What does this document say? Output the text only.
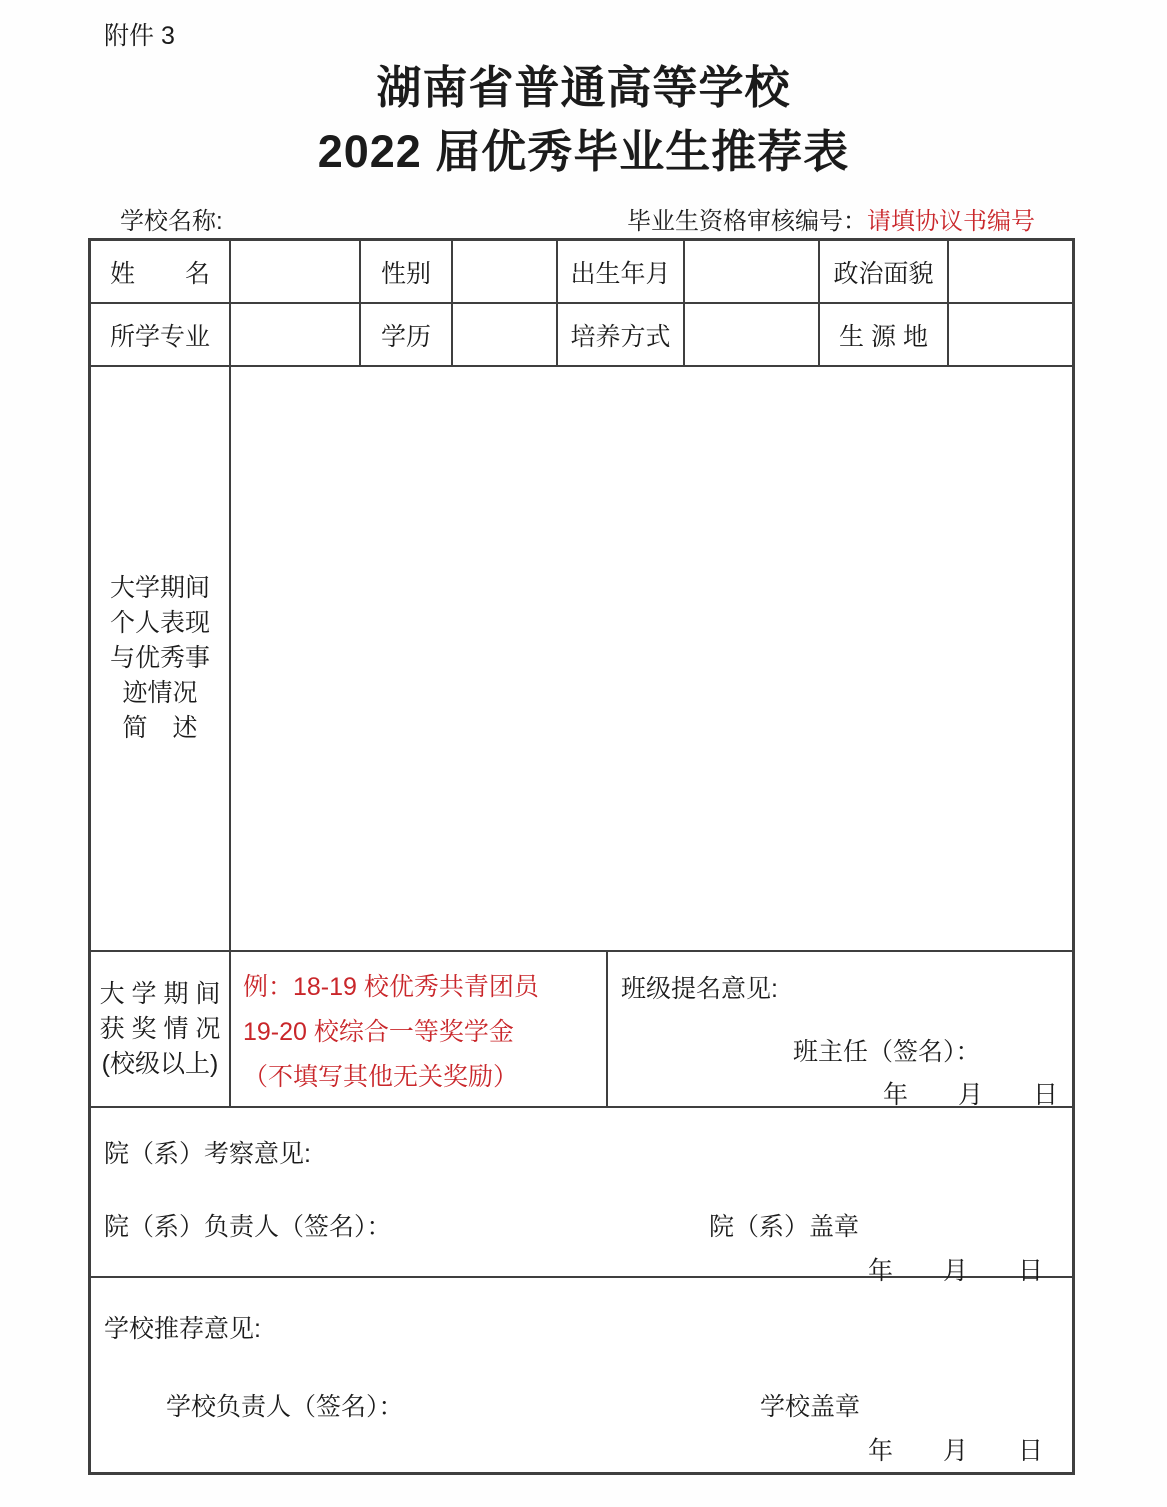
附件 3
湖南省普通高等学校
2022 届优秀毕业生推荐表
学校名称:	毕业生资格审核编号：请填协议书编号
姓　　名	性别	出生年月	政治面貌
所学专业	学历	培养方式	生 源 地
大学期间
个人表现
与优秀事
迹情况
简　述
大 学 期 间
获 奖 情 况
(校级以上)
例：18-19 校优秀共青团员
19-20 校综合一等奖学金
（不填写其他无关奖励）
班级提名意见:
班主任（签名）：
年　　月　　日
院（系）考察意见:
院（系）负责人（签名）：	院（系）盖章
年　　月　　日
学校推荐意见:
学校负责人（签名）：	学校盖章
年　　月　　日
